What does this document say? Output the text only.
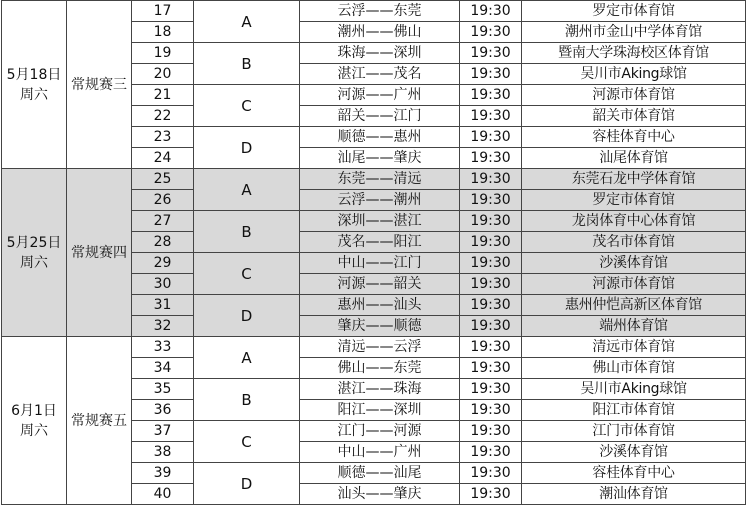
5月18日
周六	常规赛三	17	A	云浮——东莞	19:30	罗定市体育馆
		18		潮州——佛山	19:30	潮州市金山中学体育馆
		19	B	珠海——深圳	19:30	暨南大学珠海校区体育馆
		20		湛江——茂名	19:30	吴川市Aking球馆
		21	C	河源——广州	19:30	河源市体育馆
		22		韶关——江门	19:30	韶关市体育馆
		23	D	顺德——惠州	19:30	容桂体育中心
		24		汕尾——肇庆	19:30	汕尾体育馆

5月25日
周六	常规赛四	25	A	东莞——清远	19:30	东莞石龙中学体育馆
		26		云浮——潮州	19:30	罗定市体育馆
		27	B	深圳——湛江	19:30	龙岗体育中心体育馆
		28		茂名——阳江	19:30	茂名市体育馆
		29	C	中山——江门	19:30	沙溪体育馆
		30		河源——韶关	19:30	河源市体育馆
		31	D	惠州——汕头	19:30	惠州仲恺高新区体育馆
		32		肇庆——顺德	19:30	端州体育馆

6月1日
周六	常规赛五	33	A	清远——云浮	19:30	清远市体育馆
		34		佛山——东莞	19:30	佛山市体育馆
		35	B	湛江——珠海	19:30	吴川市Aking球馆
		36		阳江——深圳	19:30	阳江市体育馆
		37	C	江门——河源	19:30	江门市体育馆
		38		中山——广州	19:30	沙溪体育馆
		39	D	顺德——汕尾	19:30	容桂体育中心
		40		汕头——肇庆	19:30	潮汕体育馆
